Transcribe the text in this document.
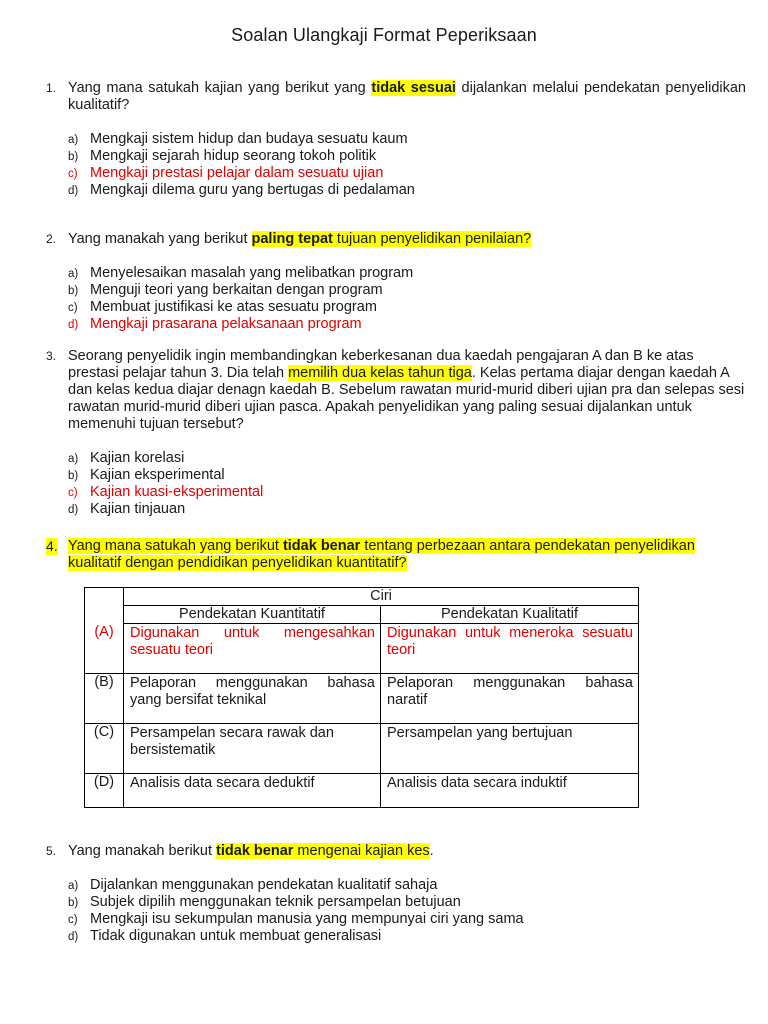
Soalan Ulangkaji Format Peperiksaan
1. Yang mana satukah kajian yang berikut yang tidak sesuai dijalankan melalui pendekatan penyelidikan kualitatif?
a) Mengkaji sistem hidup dan budaya sesuatu kaum
b) Mengkaji sejarah hidup seorang tokoh politik
c) Mengkaji prestasi pelajar dalam sesuatu ujian
d) Mengkaji dilema guru yang bertugas di pedalaman
2. Yang manakah yang berikut paling tepat tujuan penyelidikan penilaian?
a) Menyelesaikan masalah yang melibatkan program
b) Menguji teori yang berkaitan dengan program
c) Membuat justifikasi ke atas sesuatu program
d) Mengkaji prasarana pelaksanaan program
3. Seorang penyelidik ingin membandingkan keberkesanan dua kaedah pengajaran A dan B ke atas prestasi pelajar tahun 3. Dia telah memilih dua kelas tahun tiga. Kelas pertama diajar dengan kaedah A dan kelas kedua diajar denagn kaedah B. Sebelum rawatan murid-murid diberi ujian pra dan selepas sesi rawatan murid-murid diberi ujian pasca. Apakah penyelidikan yang paling sesuai dijalankan untuk memenuhi tujuan tersebut?
a) Kajian korelasi
b) Kajian eksperimental
c) Kajian kuasi-eksperimental
d) Kajian tinjauan
4. Yang mana satukah yang berikut tidak benar tentang perbezaan antara pendekatan penyelidikan kualitatif dengan pendidikan penyelidikan kuantitatif?
	Ciri	
	Pendekatan Kuantitatif	Pendekatan Kualitatif
(A)	Digunakan untuk mengesahkan sesuatu teori	Digunakan untuk meneroka sesuatu teori
(B)	Pelaporan menggunakan bahasa yang bersifat teknikal	Pelaporan menggunakan bahasa naratif
(C)	Persampelan secara rawak dan bersistematik	Persampelan yang bertujuan
(D)	Analisis data secara deduktif	Analisis data secara induktif
5. Yang manakah berikut tidak benar mengenai kajian kes.
a) Dijalankan menggunakan pendekatan kualitatif sahaja
b) Subjek dipilih menggunakan teknik persampelan betujuan
c) Mengkaji isu sekumpulan manusia yang mempunyai ciri yang sama
d) Tidak digunakan untuk membuat generalisasi
